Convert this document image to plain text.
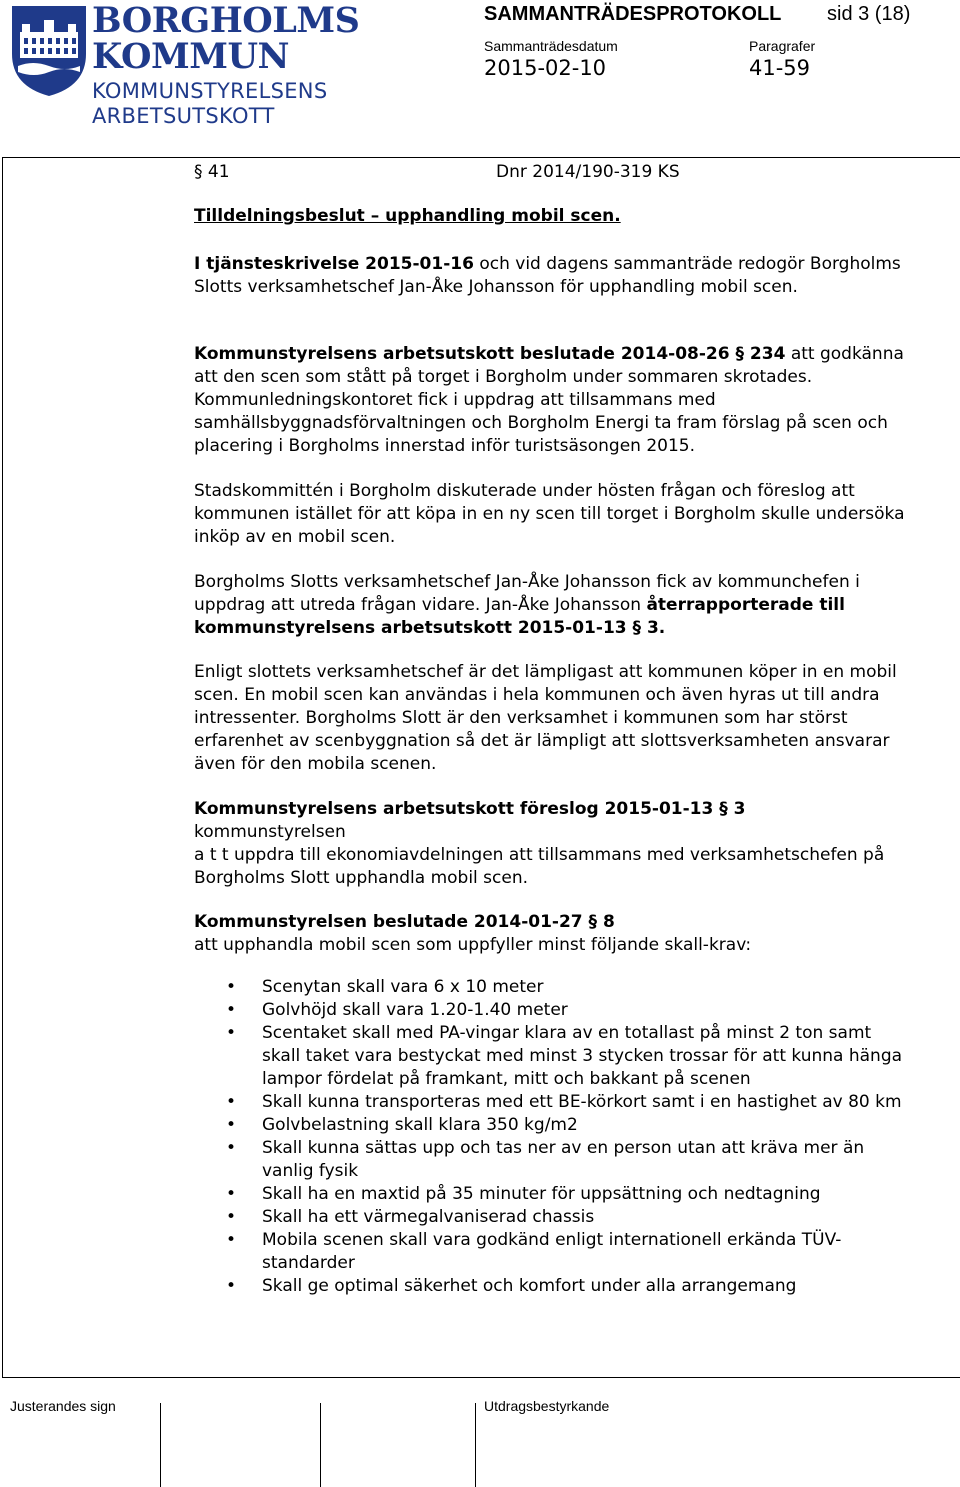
BORGHOLMS
KOMMUN
KOMMUNSTYRELSENS
ARBETSUTSKOTT
SAMMANTRÄDESPROTOKOLL sid 3 (18)
Sammanträdesdatum
2015-02-10
Paragrafer
41-59
§ 41	Dnr 2014/190-319 KS
Tilldelningsbeslut – upphandling mobil scen.
I tjänsteskrivelse 2015-01-16 och vid dagens sammanträde redogör Borgholms Slotts verksamhetschef Jan-Åke Johansson för upphandling mobil scen.
Kommunstyrelsens arbetsutskott beslutade 2014-08-26 § 234 att godkänna att den scen som stått på torget i Borgholm under sommaren skrotades. Kommunledningskontoret fick i uppdrag att tillsammans med samhällsbyggnadsförvaltningen och Borgholm Energi ta fram förslag på scen och placering i Borgholms innerstad inför turistsäsongen 2015.
Stadskommittén i Borgholm diskuterade under hösten frågan och föreslog att kommunen istället för att köpa in en ny scen till torget i Borgholm skulle undersöka inköp av en mobil scen.
Borgholms Slotts verksamhetschef Jan-Åke Johansson fick av kommunchefen i uppdrag att utreda frågan vidare. Jan-Åke Johansson återrapporterade till kommunstyrelsens arbetsutskott 2015-01-13 § 3.
Enligt slottets verksamhetschef är det lämpligast att kommunen köper in en mobil scen. En mobil scen kan användas i hela kommunen och även hyras ut till andra intressenter. Borgholms Slott är den verksamhet i kommunen som har störst erfarenhet av scenbyggnation så det är lämpligt att slottsverksamheten ansvarar även för den mobila scenen.
Kommunstyrelsens arbetsutskott föreslog 2015-01-13 § 3
kommunstyrelsen
a t t uppdra till ekonomiavdelningen att tillsammans med verksamhetschefen på Borgholms Slott upphandla mobil scen.
Kommunstyrelsen beslutade 2014-01-27 § 8
att upphandla mobil scen som uppfyller minst följande skall-krav:
• Scenytan skall vara 6 x 10 meter
• Golvhöjd skall vara 1.20-1.40 meter
• Scentaket skall med PA-vingar klara av en totallast på minst 2 ton samt skall taket vara bestyckat med minst 3 stycken trossar för att kunna hänga lampor fördelat på framkant, mitt och bakkant på scenen
• Skall kunna transporteras med ett BE-körkort samt i en hastighet av 80 km
• Golvbelastning skall klara 350 kg/m2
• Skall kunna sättas upp och tas ner av en person utan att kräva mer än vanlig fysik
• Skall ha en maxtid på 35 minuter för uppsättning och nedtagning
• Skall ha ett värmegalvaniserad chassis
• Mobila scenen skall vara godkänd enligt internationell erkända TÜV-standarder
• Skall ge optimal säkerhet och komfort under alla arrangemang
Justerandes sign	Utdragsbestyrkande
